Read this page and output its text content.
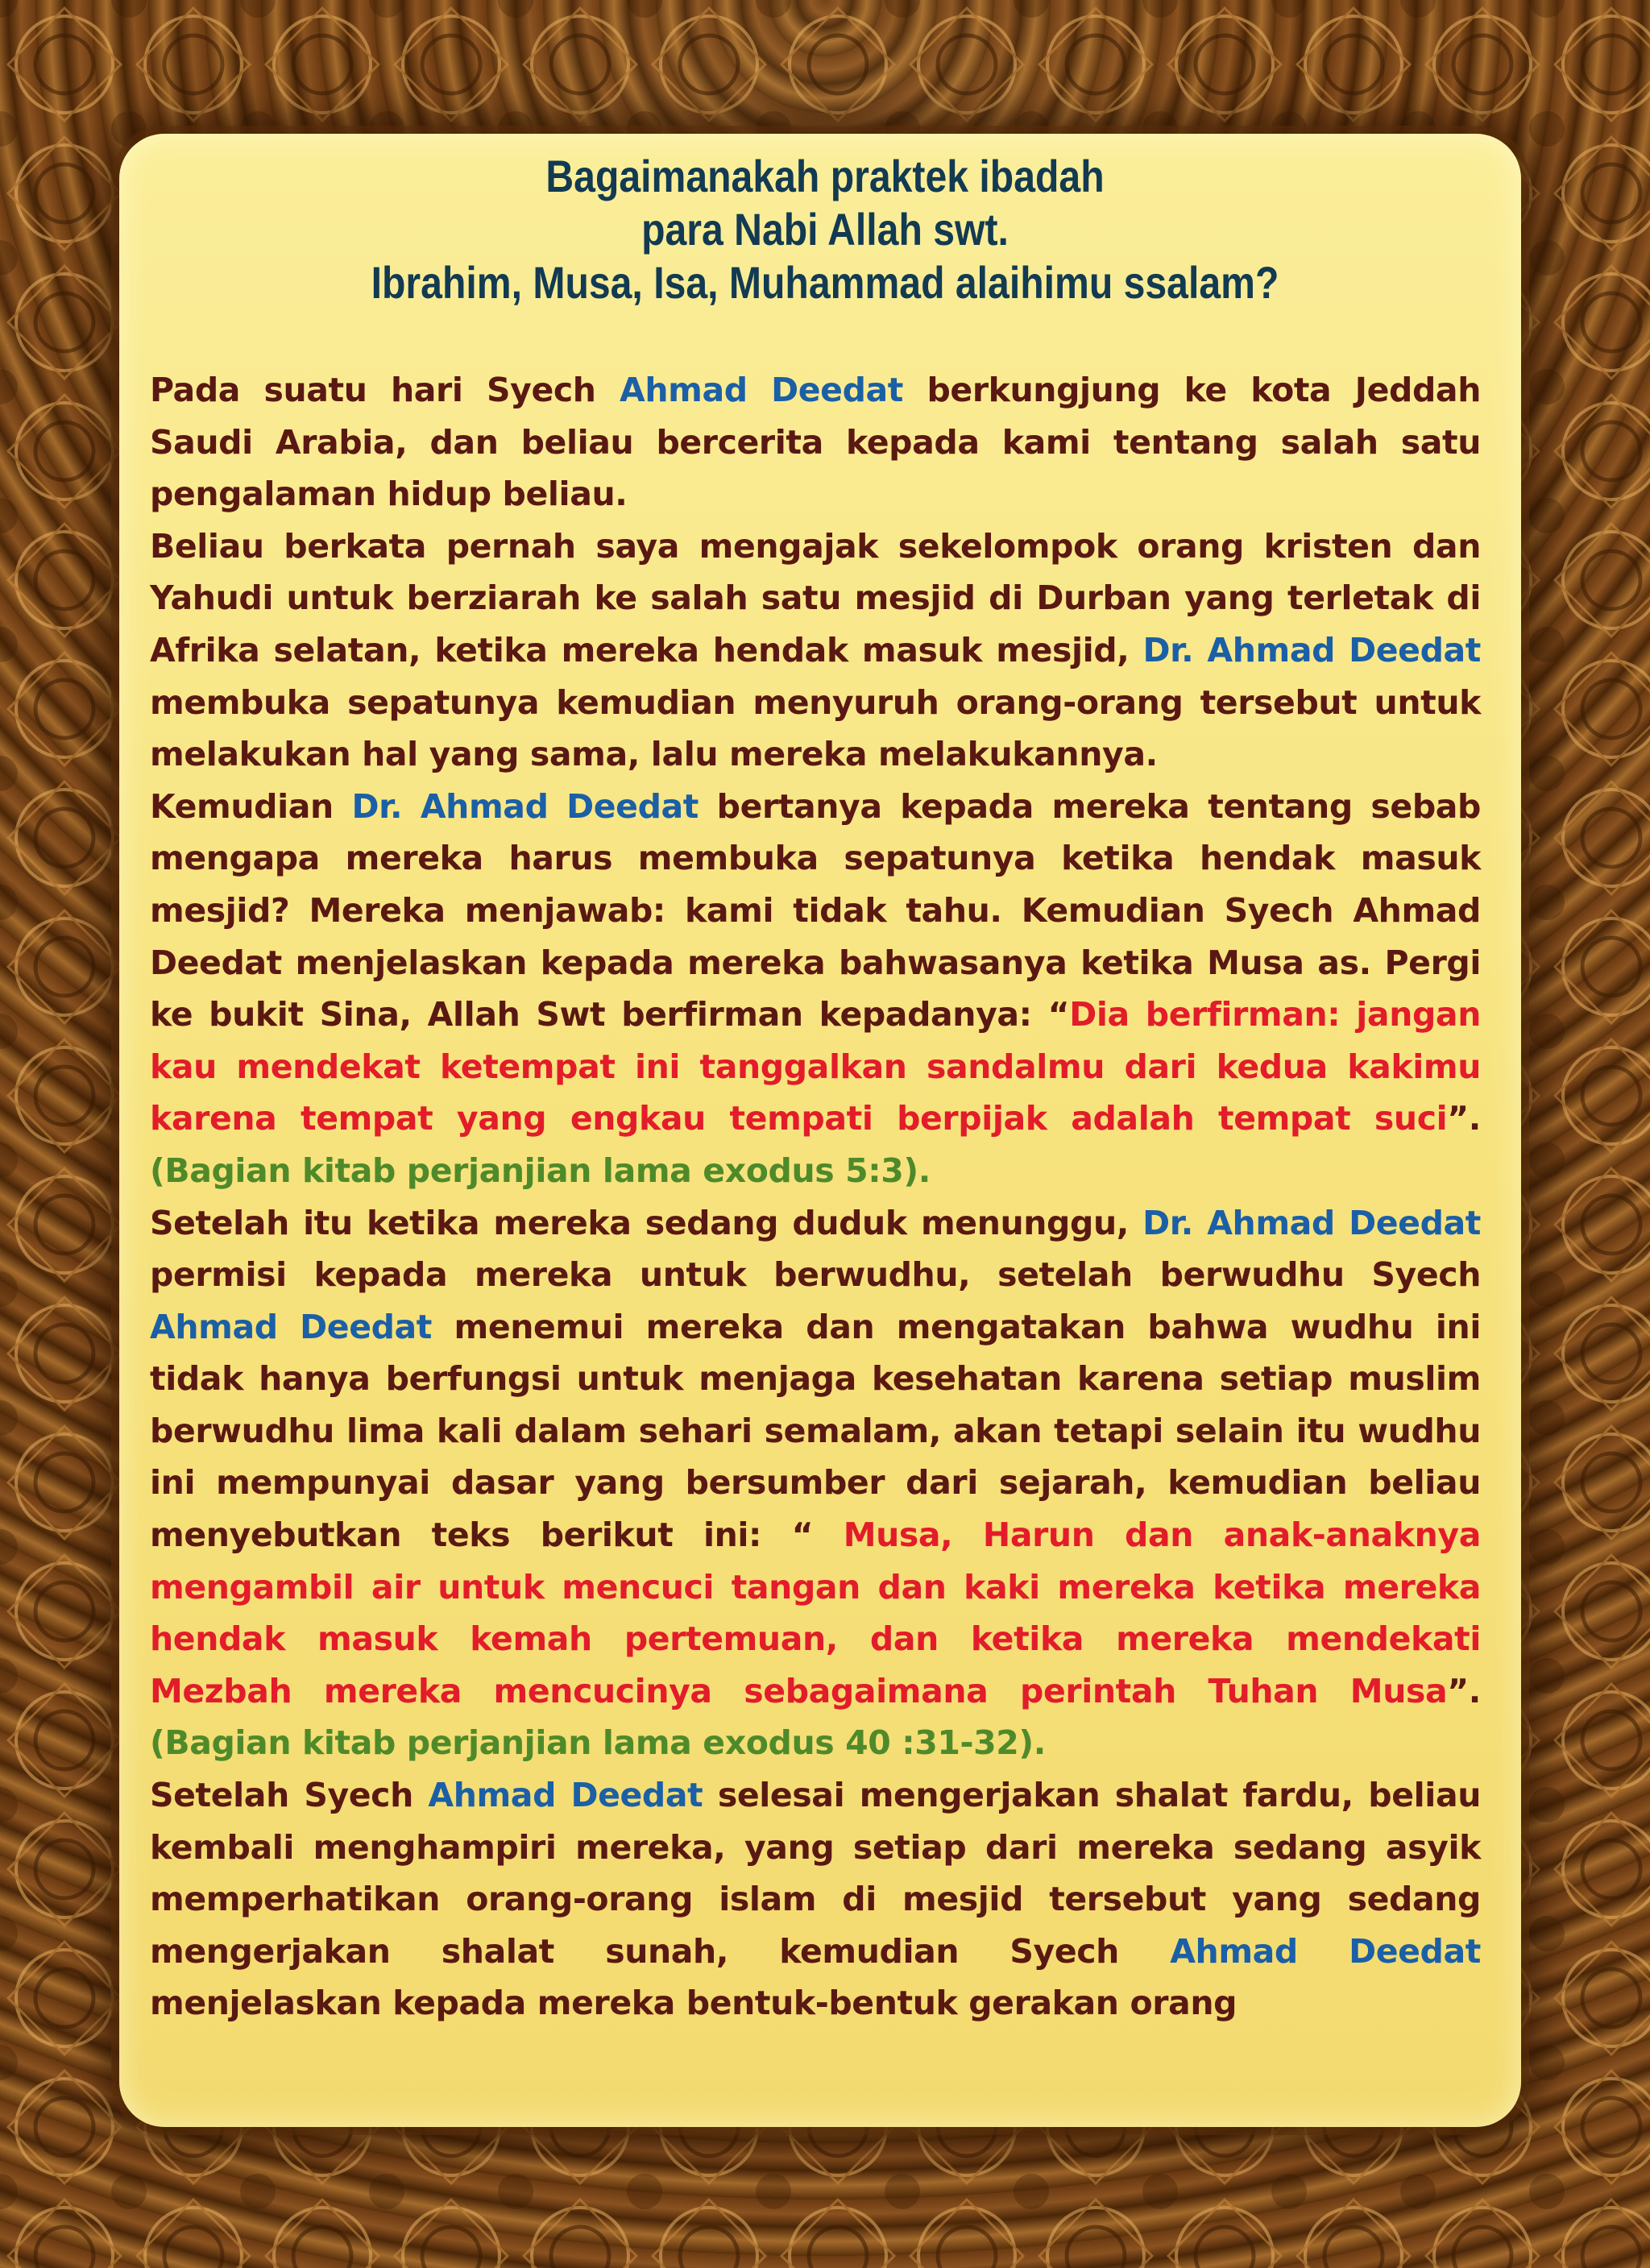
Bagaimanakah praktek ibadah
para Nabi Allah swt.
Ibrahim, Musa, Isa, Muhammad alaihimu ssalam?

Pada suatu hari Syech Ahmad Deedat berkungjung ke kota Jeddah Saudi Arabia, dan beliau bercerita kepada kami tentang salah satu pengalaman hidup beliau.

Beliau berkata pernah saya mengajak sekelompok orang kristen dan Yahudi untuk berziarah ke salah satu mesjid di Durban yang terletak di Afrika selatan, ketika mereka hendak masuk mesjid, Dr. Ahmad Deedat membuka sepatunya kemudian menyuruh orang-orang tersebut untuk melakukan hal yang sama, lalu mereka melakukannya.

Kemudian Dr. Ahmad Deedat bertanya kepada mereka tentang sebab mengapa mereka harus membuka sepatunya ketika hendak masuk mesjid? Mereka menjawab: kami tidak tahu. Kemudian Syech Ahmad Deedat menjelaskan kepada mereka bahwasanya ketika Musa as. Pergi ke bukit Sina, Allah Swt berfirman kepadanya: “Dia berfirman: jangan kau mendekat ketempat ini tanggalkan sandalmu dari kedua kakimu karena tempat yang engkau tempati berpijak adalah tempat suci”. (Bagian kitab perjanjian lama exodus 5:3).

Setelah itu ketika mereka sedang duduk menunggu, Dr. Ahmad Deedat permisi kepada mereka untuk berwudhu, setelah berwudhu Syech Ahmad Deedat menemui mereka dan mengatakan bahwa wudhu ini tidak hanya berfungsi untuk menjaga kesehatan karena setiap muslim berwudhu lima kali dalam sehari semalam, akan tetapi selain itu wudhu ini mempunyai dasar yang bersumber dari sejarah, kemudian beliau menyebutkan teks berikut ini: “ Musa, Harun dan anak-anaknya mengambil air untuk mencuci tangan dan kaki mereka ketika mereka hendak masuk kemah pertemuan, dan ketika mereka mendekati Mezbah mereka mencucinya sebagaimana perintah Tuhan Musa”. (Bagian kitab perjanjian lama exodus 40 :31-32).

Setelah Syech Ahmad Deedat selesai mengerjakan shalat fardu, beliau kembali menghampiri mereka, yang setiap dari mereka sedang asyik memperhatikan orang-orang islam di mesjid tersebut yang sedang mengerjakan shalat sunah, kemudian Syech Ahmad Deedat menjelaskan kepada mereka bentuk-bentuk gerakan orang
